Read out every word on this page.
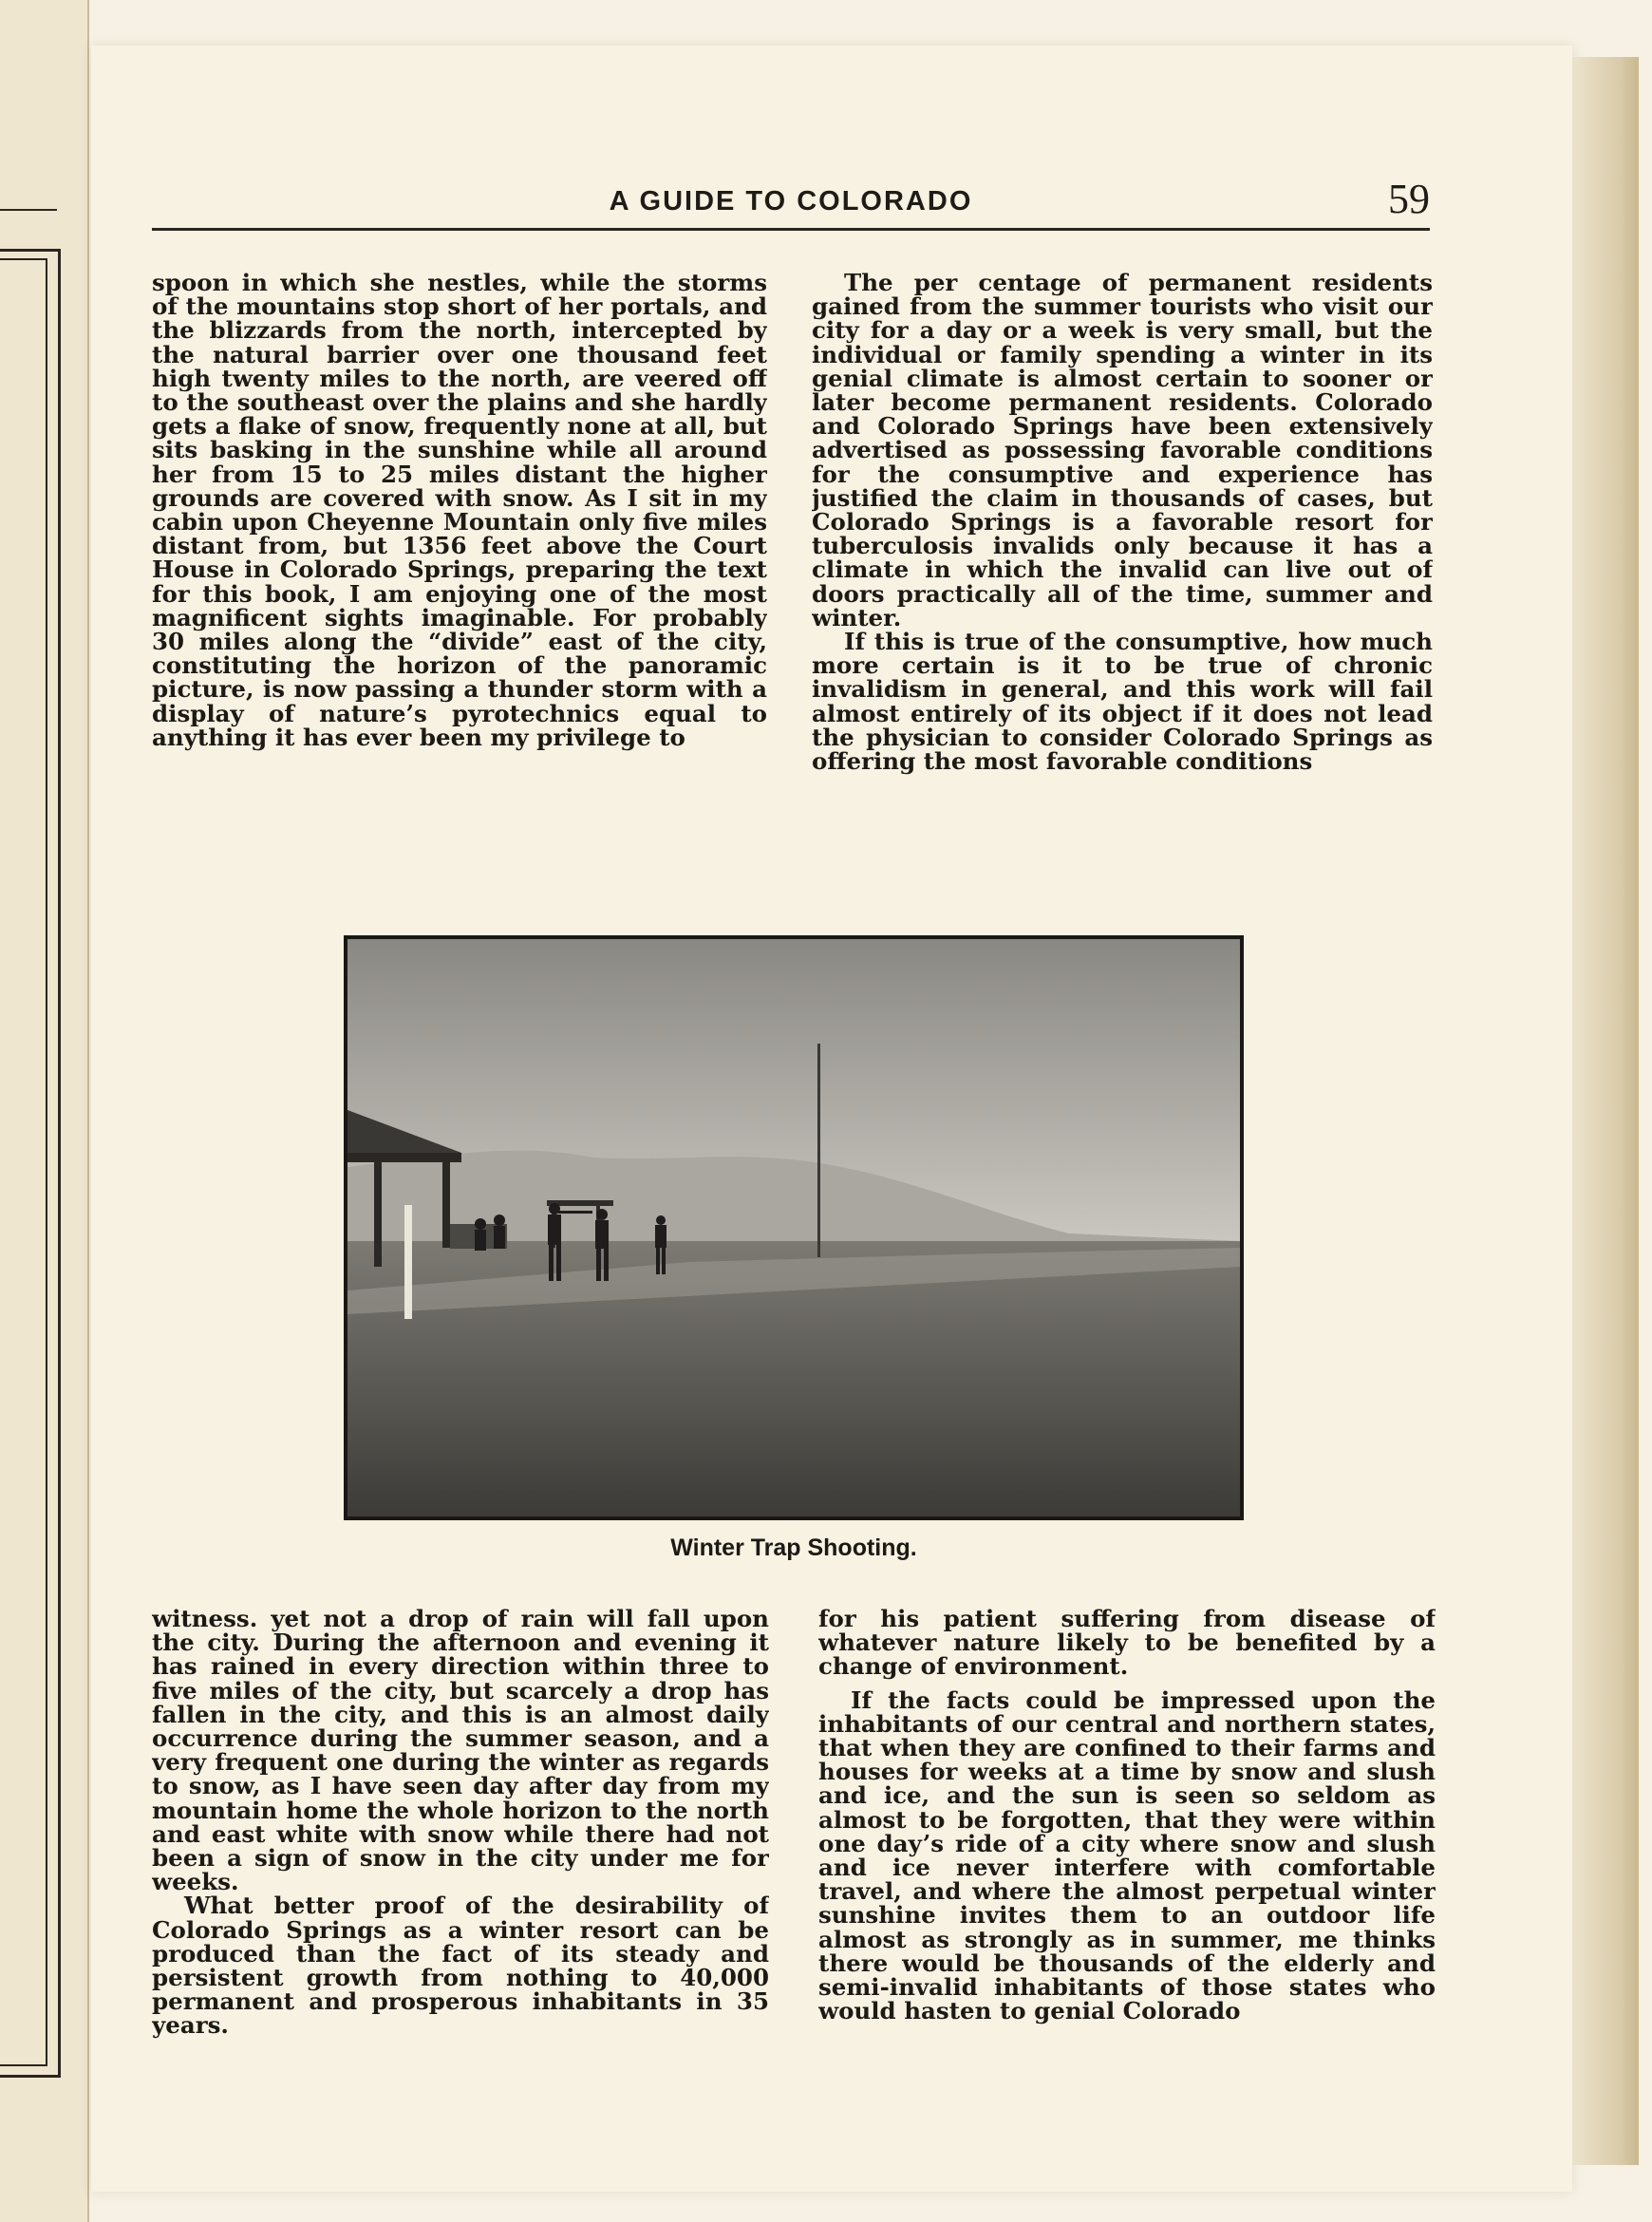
A GUIDE TO COLORADO	59

spoon in which she nestles, while the storms of the mountains stop short of her portals, and the blizzards from the north, intercepted by the natural barrier over one thousand feet high twenty miles to the north, are veered off to the southeast over the plains and she hardly gets a flake of snow, frequently none at all, but sits basking in the sunshine while all around her from 15 to 25 miles distant the higher grounds are covered with snow. As I sit in my cabin upon Cheyenne Mountain only five miles distant from, but 1356 feet above the Court House in Colorado Springs, preparing the text for this book, I am enjoying one of the most magnificent sights imaginable. For probably 30 miles along the “divide” east of the city, constituting the horizon of the panoramic picture, is now passing a thunder storm with a display of nature’s pyrotechnics equal to anything it has ever been my privilege to

The per centage of permanent residents gained from the summer tourists who visit our city for a day or a week is very small, but the individual or family spending a winter in its genial climate is almost certain to sooner or later become permanent residents. Colorado and Colorado Springs have been extensively advertised as possessing favorable conditions for the consumptive and experience has justified the claim in thousands of cases, but Colorado Springs is a favorable resort for tuberculosis invalids only because it has a climate in which the invalid can live out of doors practically all of the time, summer and winter.

If this is true of the consumptive, how much more certain is it to be true of chronic invalidism in general, and this work will fail almost entirely of its object if it does not lead the physician to consider Colorado Springs as offering the most favorable conditions

Winter Trap Shooting.

witness. yet not a drop of rain will fall upon the city. During the afternoon and evening it has rained in every direction within three to five miles of the city, but scarcely a drop has fallen in the city, and this is an almost daily occurrence during the summer season, and a very frequent one during the winter as regards to snow, as I have seen day after day from my mountain home the whole horizon to the north and east white with snow while there had not been a sign of snow in the city under me for weeks.

What better proof of the desirability of Colorado Springs as a winter resort can be produced than the fact of its steady and persistent growth from nothing to 40,000 permanent and prosperous inhabitants in 35 years.

for his patient suffering from disease of whatever nature likely to be benefited by a change of environment.

If the facts could be impressed upon the inhabitants of our central and northern states, that when they are confined to their farms and houses for weeks at a time by snow and slush and ice, and the sun is seen so seldom as almost to be forgotten, that they were within one day’s ride of a city where snow and slush and ice never interfere with comfortable travel, and where the almost perpetual winter sunshine invites them to an outdoor life almost as strongly as in summer, me thinks there would be thousands of the elderly and semi-invalid inhabitants of those states who would hasten to genial Colorado
